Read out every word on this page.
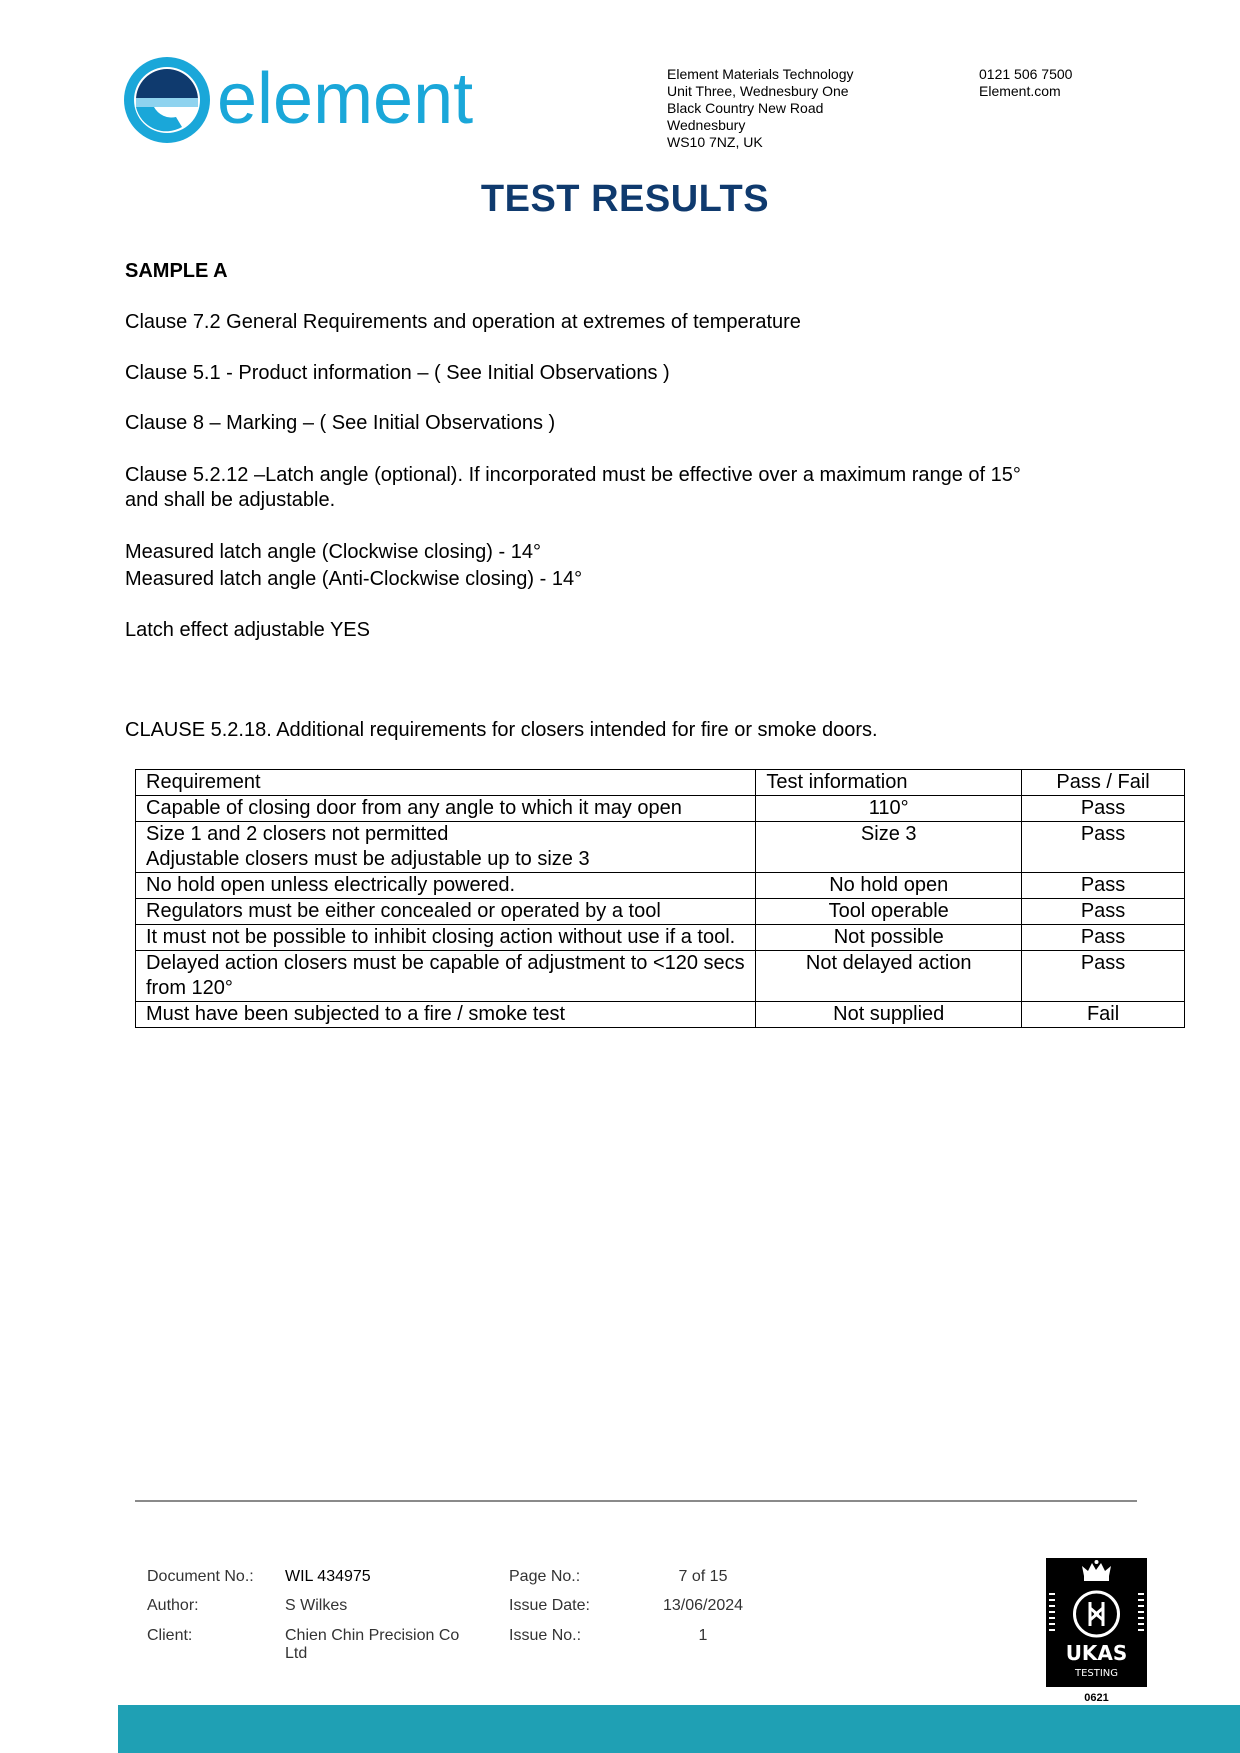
element	Element Materials Technology
Unit Three, Wednesbury One
Black Country New Road
Wednesbury
WS10 7NZ, UK
0121 506 7500
Element.com
TEST RESULTS
SAMPLE A
Clause 7.2 General Requirements and operation at extremes of temperature
Clause 5.1 - Product information – ( See Initial Observations )
Clause 8 – Marking – ( See Initial Observations )
Clause 5.2.12 –Latch angle (optional). If incorporated must be effective over a maximum range of 15°
and shall be adjustable.
Measured latch angle (Clockwise closing) - 14°
Measured latch angle (Anti-Clockwise closing) - 14°
Latch effect adjustable YES
CLAUSE 5.2.18. Additional requirements for closers intended for fire or smoke doors.
Requirement	Test information	Pass / Fail
Capable of closing door from any angle to which it may open	110°	Pass

Size 1 and 2 closers not permitted
Adjustable closers must be adjustable up to size 3	Size 3	Pass
No hold open unless electrically powered.	No hold open	Pass
Regulators must be either concealed or operated by a tool	Tool operable	Pass
It must not be possible to inhibit closing action without use if a tool.	Not possible	Pass
Delayed action closers must be capable of adjustment to <120 secs from 120°	Not delayed action	Pass
Must have been subjected to a fire / smoke test	Not supplied	Fail
Document No.: WIL 434975
Author:	S Wilkes
Client:	Chien Chin Precision Co
Ltd
Page No.:	7 of 15
Issue Date:	13/06/2024
Issue No.:	1
UKAS
TESTING
0621
